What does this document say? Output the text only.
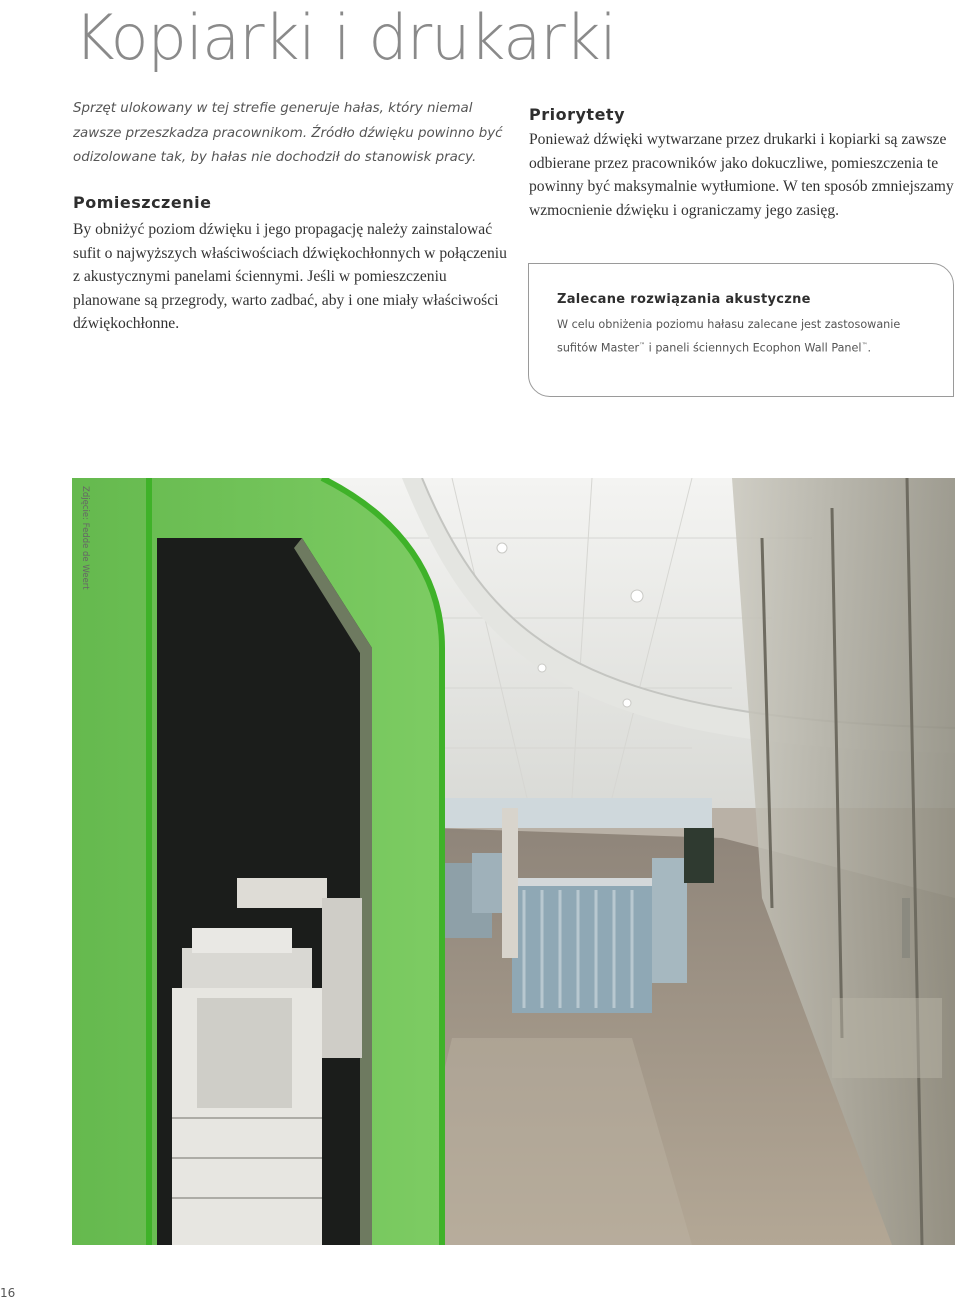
Kopiarki i drukarki

Sprzęt ulokowany w tej strefie generuje hałas, który niemal zawsze przeszkadza pracownikom. Źródło dźwięku powinno być odizolowane tak, by hałas nie dochodził do stanowisk pracy.

Pomieszczenie

By obniżyć poziom dźwięku i jego propagację należy zainstalować sufit o najwyższych właściwościach dźwiękochłonnych w połączeniu z akustycznymi panelami ściennymi. Jeśli w pomieszczeniu planowane są przegrody, warto zadbać, aby i one miały właściwości dźwiękochłonne.

Priorytety

Ponieważ dźwięki wytwarzane przez drukarki i kopiarki są zawsze odbierane przez pracowników jako dokuczliwe, pomieszczenia te powinny być maksymalnie wytłumione. W ten sposób zmniejszamy wzmocnienie dźwięku i ograniczamy jego zasięg.

Zalecane rozwiązania akustyczne

W celu obniżenia poziomu hałasu zalecane jest zastosowanie sufitów Master™ i paneli ściennych Ecophon Wall Panel™.

Zdjęcie: Fedde de Weert

16
